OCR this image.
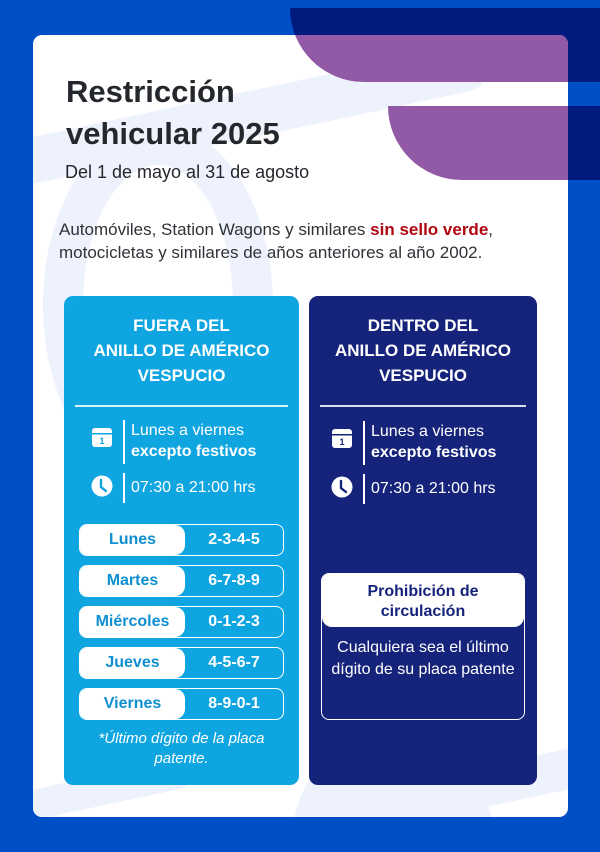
Restricción vehicular 2025
Del 1 de mayo al 31 de agosto

Automóviles, Station Wagons y similares sin sello verde, motocicletas y similares de años anteriores al año 2002.

FUERA DEL
ANILLO DE AMÉRICO
VESPUCIO
1
Lunes a viernes
excepto festivos
07:30 a 21:00 hrs
Lunes	2-3-4-5
Martes	6-7-8-9
Miércoles	0-1-2-3
Jueves	4-5-6-7
Viernes	8-9-0-1
*Último dígito de la placa patente.
DENTRO DEL
ANILLO DE AMÉRICO
VESPUCIO
1
Lunes a viernes
excepto festivos
07:30 a 21:00 hrs
Prohibición de circulación
Cualquiera sea el último dígito de su placa patente
